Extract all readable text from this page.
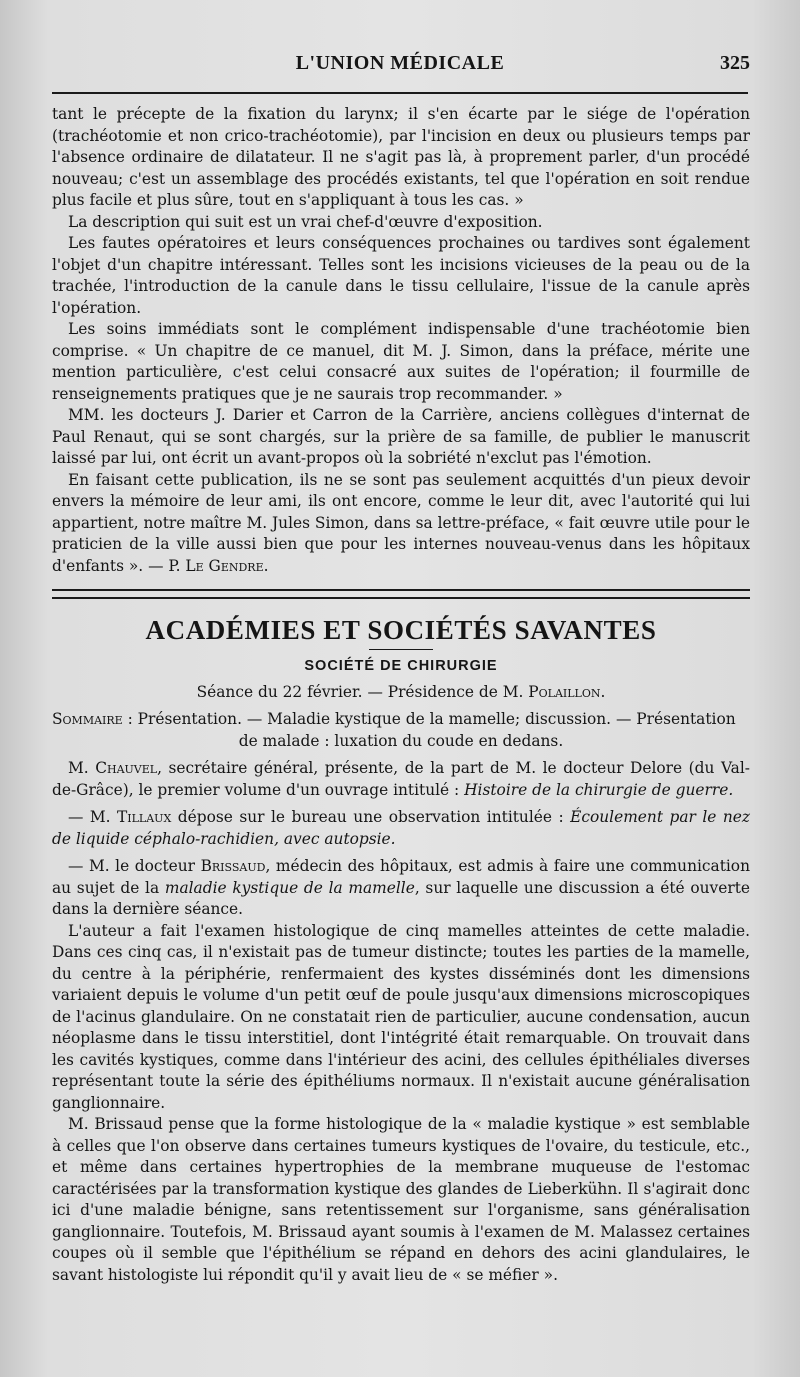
L'UNION MÉDICALE	325

tant le précepte de la fixation du larynx; il s'en écarte par le siége de l'opération (trachéotomie et non crico-trachéotomie), par l'incision en deux ou plusieurs temps par l'absence ordinaire de dilatateur. Il ne s'agit pas là, à proprement parler, d'un procédé nouveau; c'est un assemblage des procédés existants, tel que l'opération en soit rendue plus facile et plus sûre, tout en s'appliquant à tous les cas. »

La description qui suit est un vrai chef-d'œuvre d'exposition.

Les fautes opératoires et leurs conséquences prochaines ou tardives sont également l'objet d'un chapitre intéressant. Telles sont les incisions vicieuses de la peau ou de la trachée, l'introduction de la canule dans le tissu cellulaire, l'issue de la canule après l'opération.

Les soins immédiats sont le complément indispensable d'une trachéotomie bien comprise. « Un chapitre de ce manuel, dit M. J. Simon, dans la préface, mérite une mention particulière, c'est celui consacré aux suites de l'opération; il fourmille de renseignements pratiques que je ne saurais trop recommander. »

MM. les docteurs J. Darier et Carron de la Carrière, anciens collègues d'internat de Paul Renaut, qui se sont chargés, sur la prière de sa famille, de publier le manuscrit laissé par lui, ont écrit un avant-propos où la sobriété n'exclut pas l'émotion.

En faisant cette publication, ils ne se sont pas seulement acquittés d'un pieux devoir envers la mémoire de leur ami, ils ont encore, comme le leur dit, avec l'autorité qui lui appartient, notre maître M. Jules Simon, dans sa lettre-préface, « fait œuvre utile pour le praticien de la ville aussi bien que pour les internes nouveau-venus dans les hôpitaux d'enfants ». — P. Le Gendre.

ACADÉMIES ET SOCIÉTÉS SAVANTES
SOCIÉTÉ DE CHIRURGIE
Séance du 22 février. — Présidence de M. Polaillon.
Sommaire : Présentation. — Maladie kystique de la mamelle; discussion. — Présentation
de malade : luxation du coude en dedans.

M. Chauvel, secrétaire général, présente, de la part de M. le docteur Delore (du Val-de-Grâce), le premier volume d'un ouvrage intitulé : Histoire de la chirurgie de guerre.

— M. Tillaux dépose sur le bureau une observation intitulée : Écoulement par le nez de liquide céphalo-rachidien, avec autopsie.

— M. le docteur Brissaud, médecin des hôpitaux, est admis à faire une communication au sujet de la maladie kystique de la mamelle, sur laquelle une discussion a été ouverte dans la dernière séance.

L'auteur a fait l'examen histologique de cinq mamelles atteintes de cette maladie. Dans ces cinq cas, il n'existait pas de tumeur distincte; toutes les parties de la mamelle, du centre à la périphérie, renfermaient des kystes disséminés dont les dimensions variaient depuis le volume d'un petit œuf de poule jusqu'aux dimensions microscopiques de l'acinus glandulaire. On ne constatait rien de particulier, aucune condensation, aucun néoplasme dans le tissu interstitiel, dont l'intégrité était remarquable. On trouvait dans les cavités kystiques, comme dans l'intérieur des acini, des cellules épithéliales diverses représentant toute la série des épithéliums normaux. Il n'existait aucune généralisation ganglionnaire.

M. Brissaud pense que la forme histologique de la « maladie kystique » est semblable à celles que l'on observe dans certaines tumeurs kystiques de l'ovaire, du testicule, etc., et même dans certaines hypertrophies de la membrane muqueuse de l'estomac caractérisées par la transformation kystique des glandes de Lieberkühn. Il s'agirait donc ici d'une maladie bénigne, sans retentissement sur l'organisme, sans généralisation ganglionnaire. Toutefois, M. Brissaud ayant soumis à l'examen de M. Malassez certaines coupes où il semble que l'épithélium se répand en dehors des acini glandulaires, le savant histologiste lui répondit qu'il y avait lieu de « se méfier ».
